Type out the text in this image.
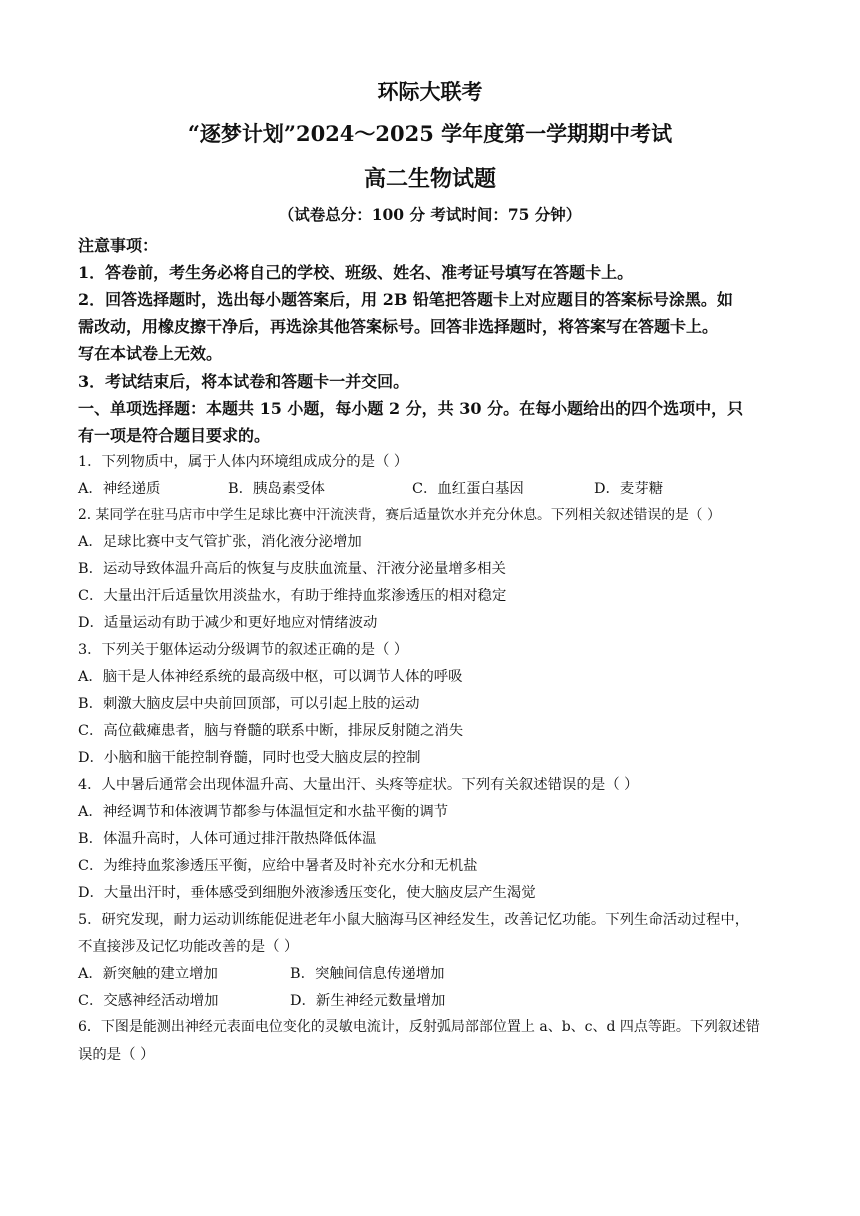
环际大联考
“逐梦计划”2024～2025 学年度第一学期期中考试
高二生物试题
（试卷总分：100 分 考试时间：75 分钟）
注意事项：
1．答卷前，考生务必将自己的学校、班级、姓名、准考证号填写在答题卡上。
2．回答选择题时，选出每小题答案后，用 2B 铅笔把答题卡上对应题目的答案标号涂黑。如
需改动，用橡皮擦干净后，再选涂其他答案标号。回答非选择题时，将答案写在答题卡上。
写在本试卷上无效。
3．考试结束后，将本试卷和答题卡一并交回。
一、单项选择题：本题共 15 小题，每小题 2 分，共 30 分。在每小题给出的四个选项中，只
有一项是符合题目要求的。
1．下列物质中，属于人体内环境组成成分的是（ ）
A．神经递质	B．胰岛素受体	C．血红蛋白基因	D．麦芽糖
2. 某同学在驻马店市中学生足球比赛中汗流浃背，赛后适量饮水并充分休息。下列相关叙述错误的是（ ）
A．足球比赛中支气管扩张，消化液分泌增加
B．运动导致体温升高后的恢复与皮肤血流量、汗液分泌量增多相关
C．大量出汗后适量饮用淡盐水，有助于维持血浆渗透压的相对稳定
D．适量运动有助于减少和更好地应对情绪波动
3．下列关于躯体运动分级调节的叙述正确的是（ ）
A．脑干是人体神经系统的最高级中枢，可以调节人体的呼吸
B．刺激大脑皮层中央前回顶部，可以引起上肢的运动
C．高位截瘫患者，脑与脊髓的联系中断，排尿反射随之消失
D．小脑和脑干能控制脊髓，同时也受大脑皮层的控制
4．人中暑后通常会出现体温升高、大量出汗、头疼等症状。下列有关叙述错误的是（ ）
A．神经调节和体液调节都参与体温恒定和水盐平衡的调节
B．体温升高时，人体可通过排汗散热降低体温
C．为维持血浆渗透压平衡，应给中暑者及时补充水分和无机盐
D．大量出汗时，垂体感受到细胞外液渗透压变化，使大脑皮层产生渴觉
5．研究发现，耐力运动训练能促进老年小鼠大脑海马区神经发生，改善记忆功能。下列生命活动过程中，
不直接涉及记忆功能改善的是（ ）
A．新突触的建立增加	B．突触间信息传递增加
C．交感神经活动增加	D．新生神经元数量增加
6．下图是能测出神经元表面电位变化的灵敏电流计，反射弧局部部位置上 a、b、c、d 四点等距。下列叙述错
误的是（ ）
